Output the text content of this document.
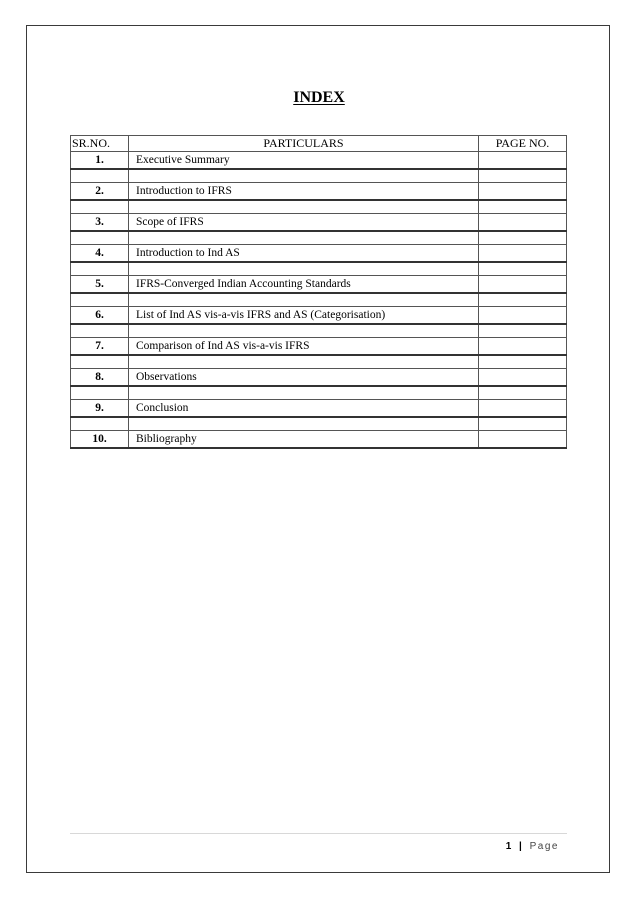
INDEX
SR.NO.	PARTICULARS	PAGE NO.
1.	Executive Summary	

2.	Introduction to IFRS	

3.	Scope of IFRS	

4.	Introduction to Ind AS	

5.	IFRS-Converged Indian Accounting Standards	

6.	List of Ind AS vis-a-vis IFRS and AS (Categorisation)	

7.	Comparison of Ind AS vis-a-vis IFRS	

8.	Observations	

9.	Conclusion	

10.	Bibliography	
1 | Page
